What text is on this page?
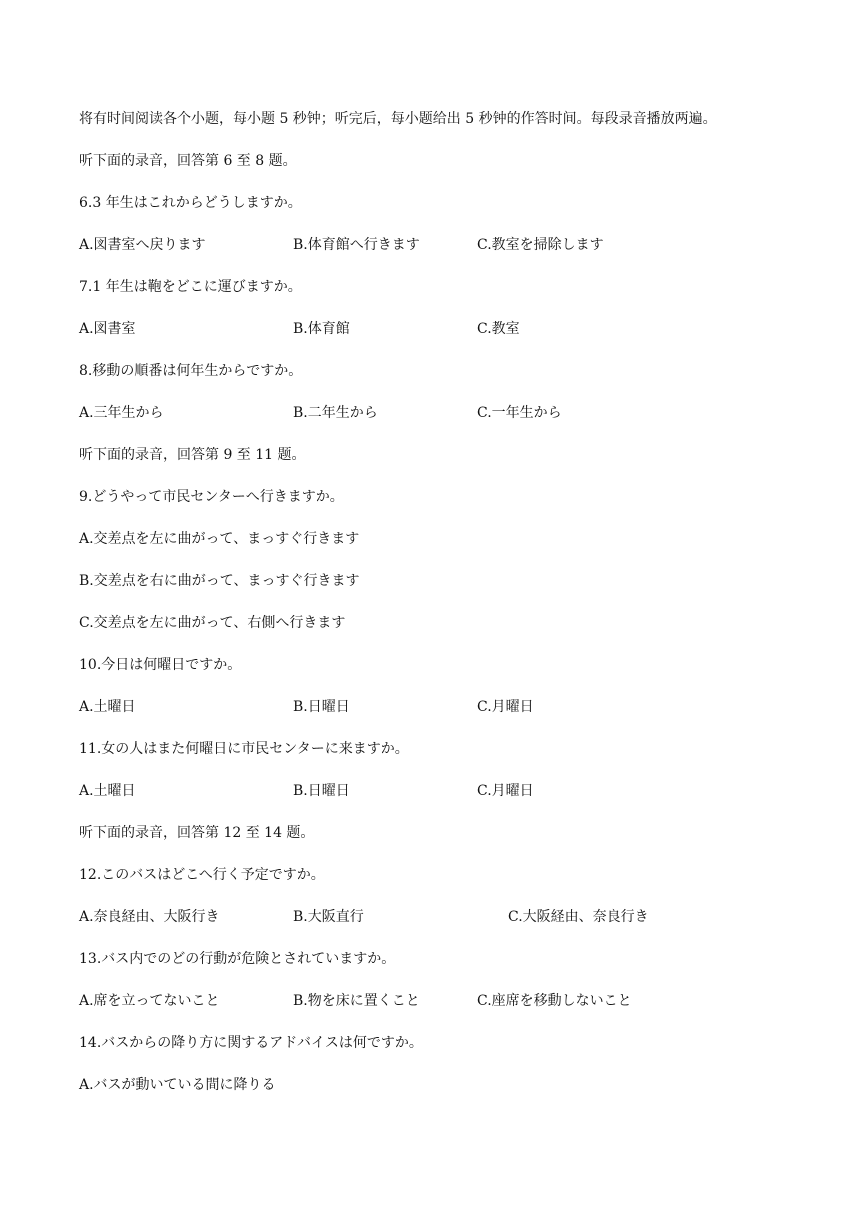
将有时间阅读各个小题，每小题 5 秒钟；听完后，每小题给出 5 秒钟的作答时间。每段录音播放两遍。
听下面的录音，回答第 6 至 8 题。
6.3 年生はこれからどうしますか。
A.図書室へ戻ります	B.体育館へ行きます	C.教室を掃除します
7.1 年生は鞄をどこに運びますか。
A.図書室	B.体育館	C.教室
8.移動の順番は何年生からですか。
A.三年生から	B.二年生から	C.一年生から
听下面的录音，回答第 9 至 11 题。
9.どうやって市民センターへ行きますか。
A.交差点を左に曲がって、まっすぐ行きます
B.交差点を右に曲がって、まっすぐ行きます
C.交差点を左に曲がって、右側へ行きます
10.今日は何曜日ですか。
A.土曜日	B.日曜日	C.月曜日
11.女の人はまた何曜日に市民センターに来ますか。
A.土曜日	B.日曜日	C.月曜日
听下面的录音，回答第 12 至 14 题。
12.このバスはどこへ行く予定ですか。
A.奈良経由、大阪行き	B.大阪直行	C.大阪経由、奈良行き
13.バス内でのどの行動が危険とされていますか。
A.席を立ってないこと	B.物を床に置くこと	C.座席を移動しないこと
14.バスからの降り方に関するアドバイスは何ですか。
A.バスが動いている間に降りる
